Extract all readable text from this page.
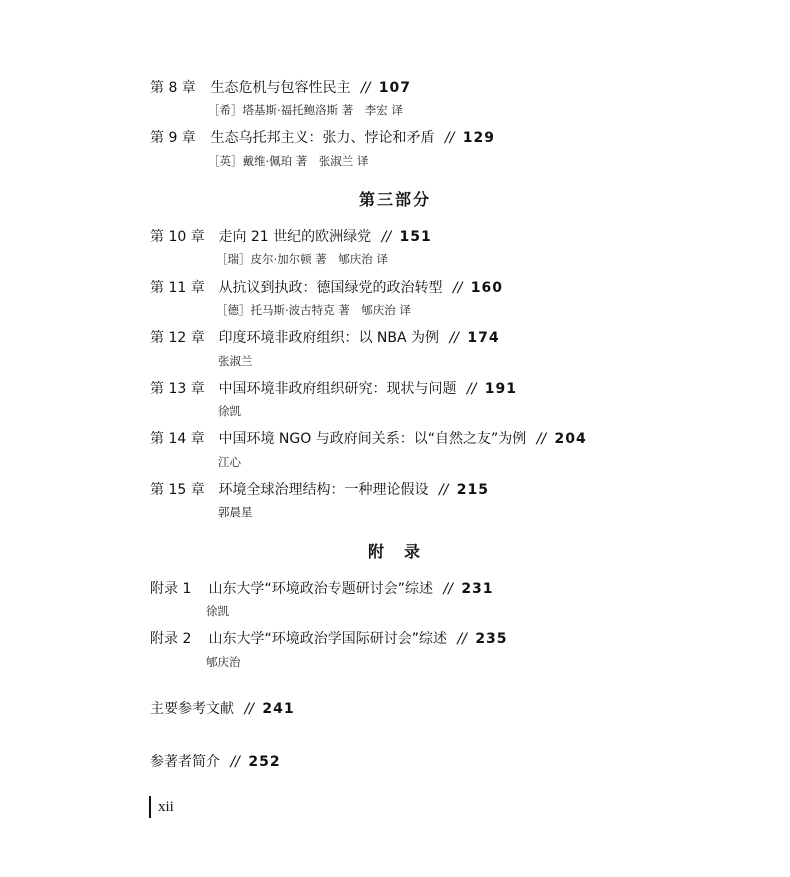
第 8 章 生态危机与包容性民主 // 107
［希］塔基斯·福托鲍洛斯 著　李宏 译
第 9 章 生态乌托邦主义：张力、悖论和矛盾 // 129
［英］戴维·佩珀 著　张淑兰 译
第三部分
第 10 章 走向 21 世纪的欧洲绿党 // 151
［瑞］皮尔·加尔顿 著　郇庆治 译
第 11 章 从抗议到执政：德国绿党的政治转型 // 160
［德］托马斯·波古特克 著　郇庆治 译
第 12 章 印度环境非政府组织：以 NBA 为例 // 174
张淑兰
第 13 章 中国环境非政府组织研究：现状与问题 // 191
徐凯
第 14 章 中国环境 NGO 与政府间关系：以“自然之友”为例 // 204
江心
第 15 章 环境全球治理结构：一种理论假设 // 215
郭晨星
附　录
附录 1 山东大学“环境政治专题研讨会”综述 // 231
徐凯
附录 2 山东大学“环境政治学国际研讨会”综述 // 235
郇庆治
主要参考文献 // 241
参著者简介 // 252
xii
